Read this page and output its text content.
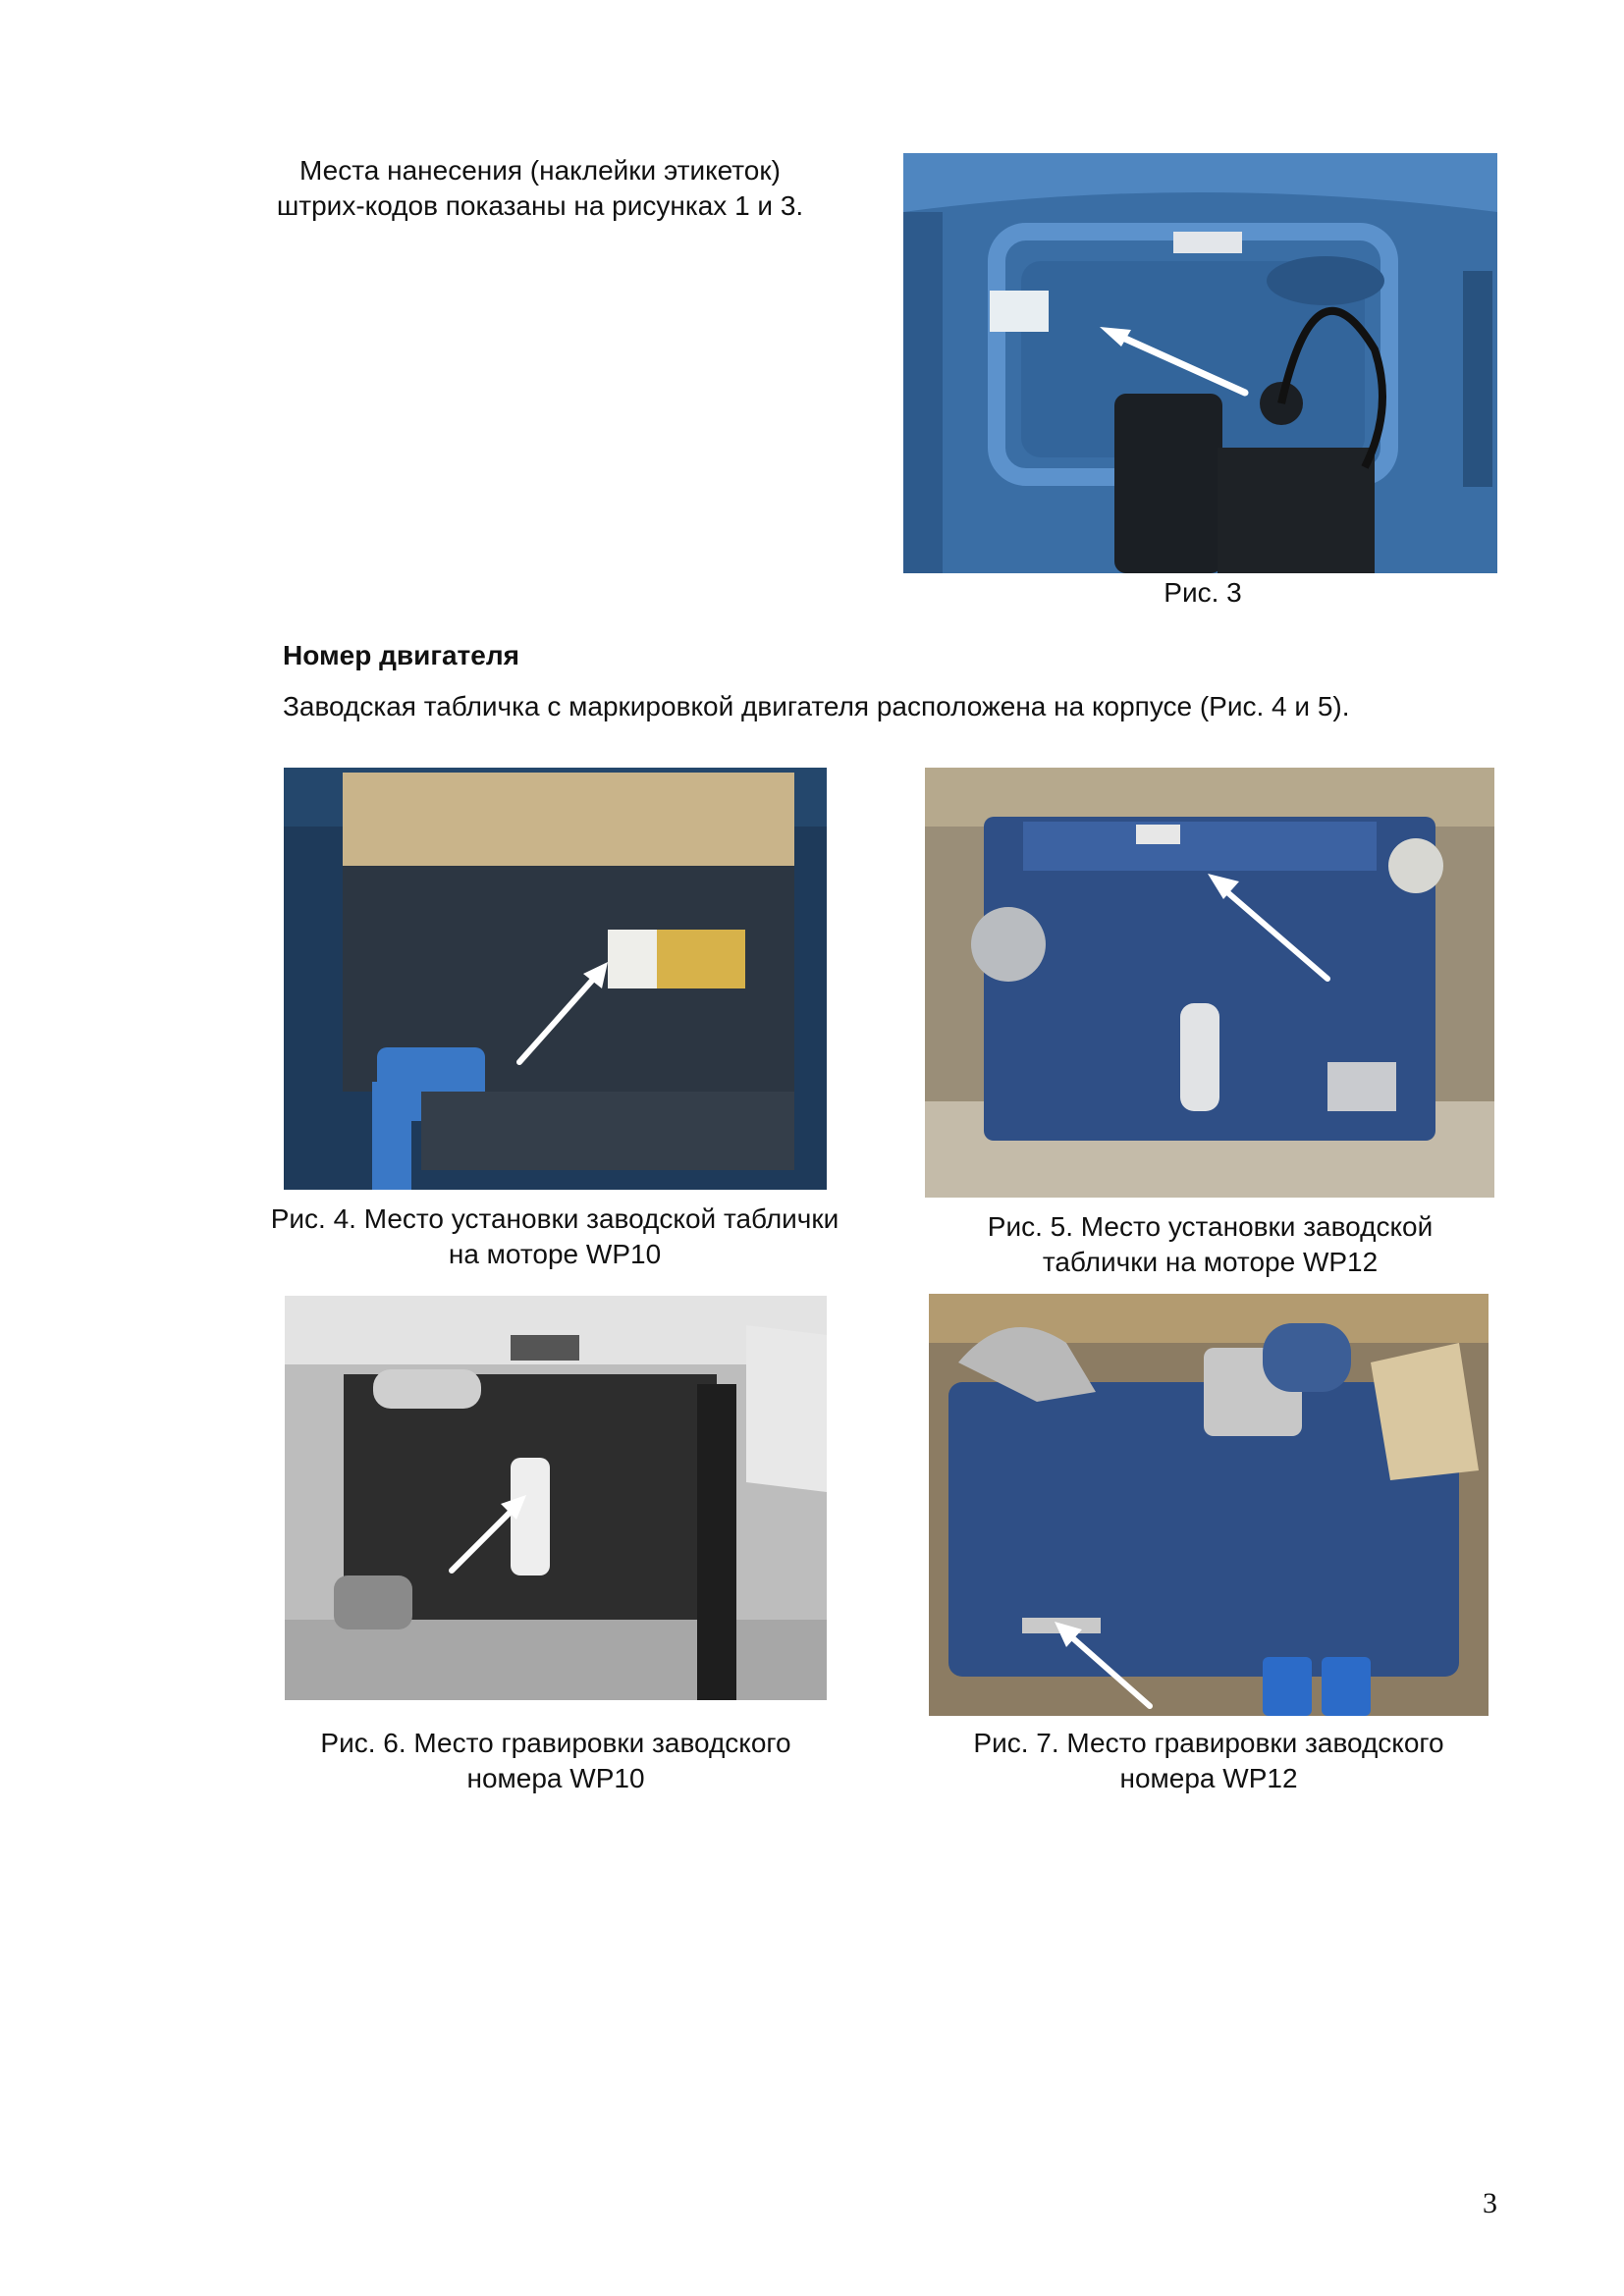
Места нанесения (наклейки этикеток)
штрих-кодов показаны на рисунках 1 и 3.
Рис. 3
Номер двигателя
Заводская табличка с маркировкой двигателя расположена на корпусе (Рис. 4 и 5).
Рис. 4. Место установки заводской таблички
на моторе WP10
Рис. 5. Место установки заводской
таблички на моторе WP12
Рис. 6. Место гравировки заводского
номера WP10
Рис. 7. Место гравировки заводского
номера WP12
3
